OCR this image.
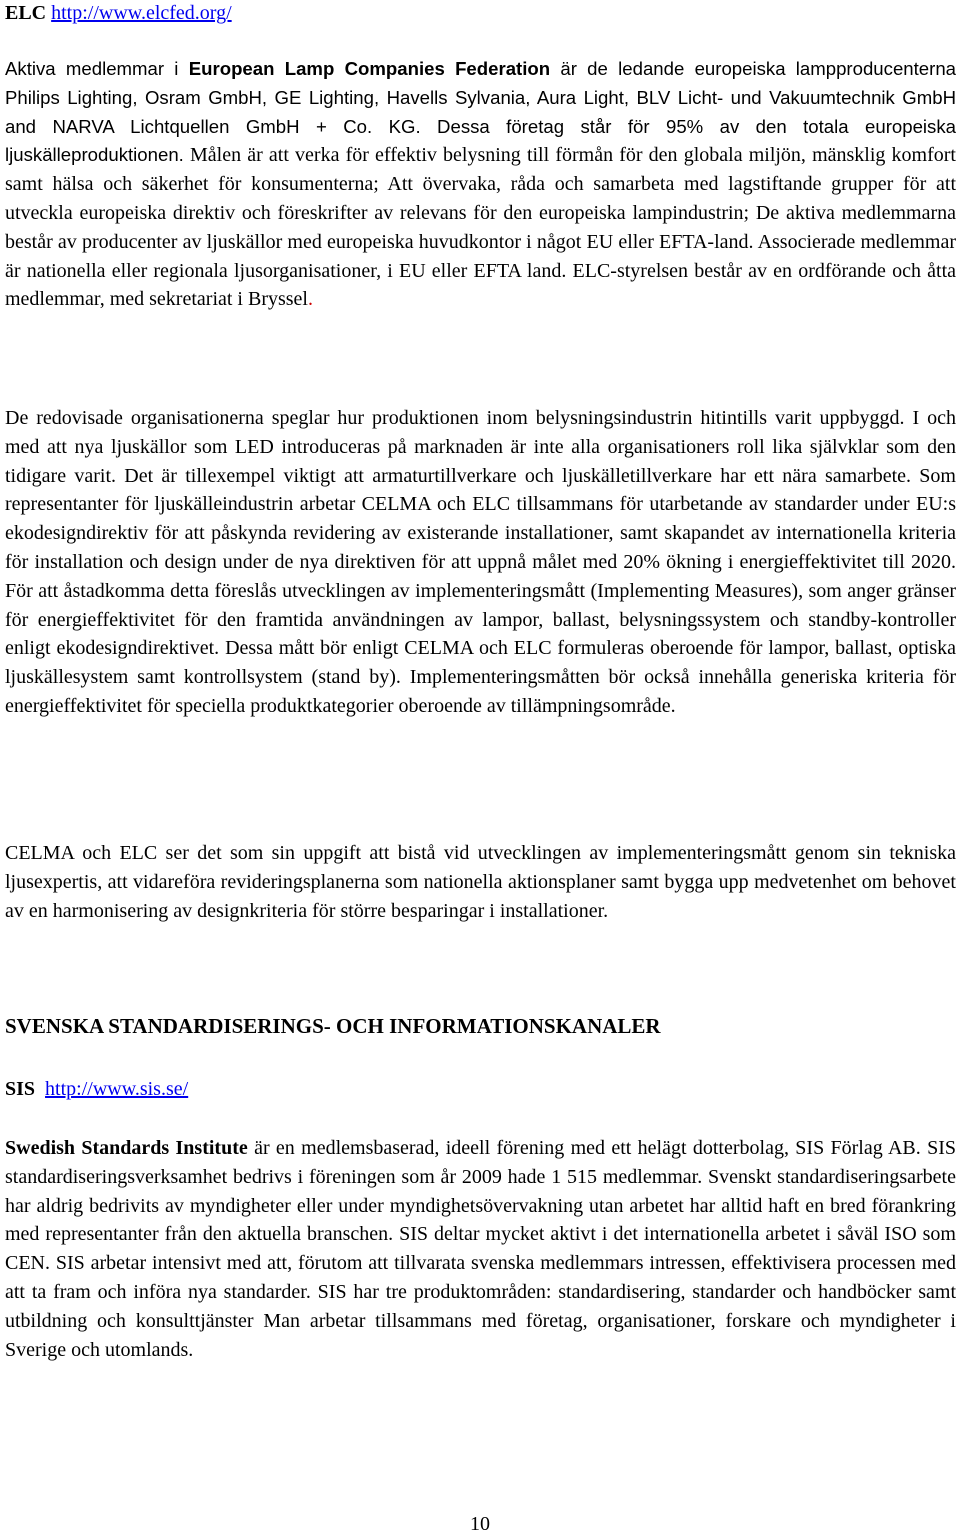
ELC http://www.elcfed.org/

Aktiva medlemmar i European Lamp Companies Federation är de ledande europeiska lampproducenterna Philips Lighting, Osram GmbH, GE Lighting, Havells Sylvania, Aura Light, BLV Licht- und Vakuumtechnik GmbH and NARVA Lichtquellen GmbH + Co. KG. Dessa företag står för 95% av den totala europeiska ljuskälleproduktionen. Målen är att verka för effektiv belysning till förmån för den globala miljön, mänsklig komfort samt hälsa och säkerhet för konsumenterna; Att övervaka, råda och samarbeta med lagstiftande grupper för att utveckla europeiska direktiv och föreskrifter av relevans för den europeiska lampindustrin; De aktiva medlemmarna består av producenter av ljuskällor med europeiska huvudkontor i något EU eller EFTA-land. Associerade medlemmar är nationella eller regionala ljusorganisationer, i EU eller EFTA land. ELC-styrelsen består av en ordförande och åtta medlemmar, med sekretariat i Bryssel.

De redovisade organisationerna speglar hur produktionen inom belysningsindustrin hitintills varit uppbyggd. I och med att nya ljuskällor som LED introduceras på marknaden är inte alla organisationers roll lika självklar som den tidigare varit. Det är tillexempel viktigt att armaturtillverkare och ljuskälletillverkare har ett nära samarbete. Som representanter för ljuskälleindustrin arbetar CELMA och ELC tillsammans för utarbetande av standarder under EU:s ekodesigndirektiv för att påskynda revidering av existerande installationer, samt skapandet av internationella kriteria för installation och design under de nya direktiven för att uppnå målet med 20% ökning i energieffektivitet till 2020. För att åstadkomma detta föreslås utvecklingen av implementeringsmått (Implementing Measures), som anger gränser för energieffektivitet för den framtida användningen av lampor, ballast, belysningssystem och standby-kontroller enligt ekodesigndirektivet. Dessa mått bör enligt CELMA och ELC formuleras oberoende för lampor, ballast, optiska ljuskällesystem samt kontrollsystem (stand by). Implementeringsmåtten bör också innehålla generiska kriteria för energieffektivitet för speciella produktkategorier oberoende av tillämpningsområde.

CELMA och ELC ser det som sin uppgift att bistå vid utvecklingen av implementeringsmått genom sin tekniska ljusexpertis, att vidareföra revideringsplanerna som nationella aktionsplaner samt bygga upp medvetenhet om behovet av en harmonisering av designkriteria för större besparingar i installationer.

SVENSKA STANDARDISERINGS- OCH INFORMATIONSKANALER
SIS http://www.sis.se/

Swedish Standards Institute är en medlemsbaserad, ideell förening med ett helägt dotterbolag, SIS Förlag AB. SIS standardiseringsverksamhet bedrivs i föreningen som år 2009 hade 1 515 medlemmar. Svenskt standardiseringsarbete har aldrig bedrivits av myndigheter eller under myndighetsövervakning utan arbetet har alltid haft en bred förankring med representanter från den aktuella branschen. SIS deltar mycket aktivt i det internationella arbetet i såväl ISO som CEN. SIS arbetar intensivt med att, förutom att tillvarata svenska medlemmars intressen, effektivisera processen med att ta fram och införa nya standarder. SIS har tre produktområden: standardisering, standarder och handböcker samt utbildning och konsulttjänster Man arbetar tillsammans med företag, organisationer, forskare och myndigheter i Sverige och utomlands.

10
